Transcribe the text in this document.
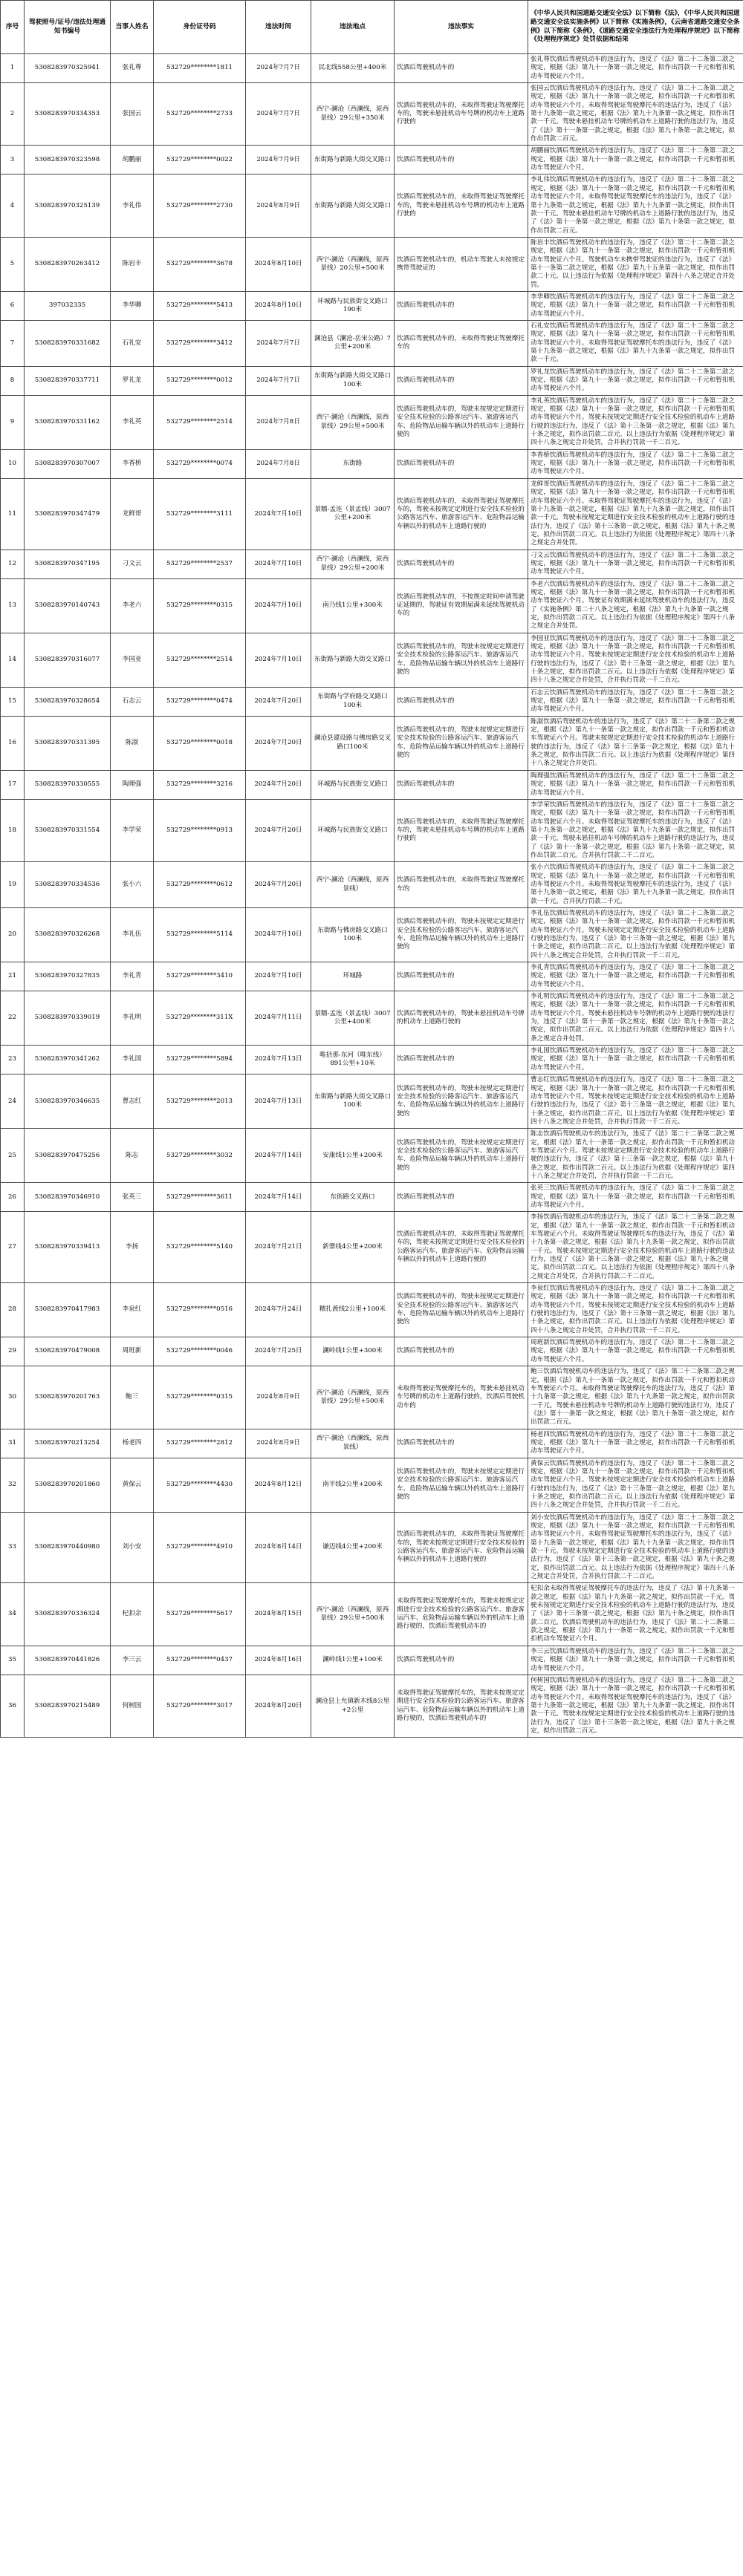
序号	驾驶照号/证号/违法处理通知书编号	当事人姓名	身份证号码	违法时间	违法地点	违法事实	《中华人民共和国道路交通安全法》以下简称《法》，《中华人民共和国道路交通安全法实施条例》以下简称《实施条例》，《云南省道路交通安全条例》以下简称《条例》，《道路交通安全违法行为处理程序规定》以下简称《处理程序规定》处罚依据和结果
1	5308283970325941	张礼尊	532729********1811	2024年7月7日	民北线558公里+400米	饮酒后驾驶机动车的	张礼尊饮酒后驾驶机动车的违法行为，违反了《法》第二十二条第二款之规定，根据《法》第九十一条第一款之规定，拟作出罚款一千元和暂扣机动车驾驶证六个月。
2	5308283970334353	张国云	532729********2733	2024年7月7日	西宁-澜沧（西澜线，原西景线）29公里+350米	饮酒后驾驶机动车的，未取得驾驶证驾驶摩托车的，驾驶未悬挂机动车号牌的机动车上道路行驶的	张国云饮酒后驾驶机动车的违法行为，违反了《法》第二十二条第二款之规定，根据《法》第九十一条第一款之规定，拟作出罚款一千元和暂扣机动车驾驶证六个月。未取得驾驶证驾驶摩托车的违法行为，违反了《法》第十九条第一款之规定，根据《法》第九十九条第一款之规定，拟作出罚款一千元。驾驶未悬挂机动车号牌的机动车上道路行驶的违法行为，违反了《法》第十一条第一款之规定，根据《法》第九十条第一款之规定，拟作出罚款二百元。
3	5308283970323598	胡鹏丽	532729********0022	2024年7月9日	东街路与新路大街交叉路口	饮酒后驾驶机动车的	胡鹏丽饮酒后驾驶机动车的违法行为，违反了《法》第二十二条第二款之规定，根据《法》第九十一条第一款之规定，拟作出罚款一千元和暂扣机动车驾驶证六个月。
4	5308283970325139	李礼伟	532729********2730	2024年8月9日	东街路与新路大街交叉路口	饮酒后驾驶机动车的，未取得驾驶证驾驶摩托车的，驾驶未悬挂机动车号牌的机动车上道路行驶的	李礼伟饮酒后驾驶机动车的违法行为，违反了《法》第二十二条第二款之规定，根据《法》第九十一条第一款之规定，拟作出罚款一千元和暂扣机动车驾驶证六个月。未取得驾驶证驾驶摩托车的违法行为，违反了《法》第十九条第一款之规定，根据《法》第九十九条第一款之规定，拟作出罚款一千元。驾驶未悬挂机动车号牌的机动车上道路行驶的违法行为，违反了《法》第十一条第一款之规定，根据《法》第九十条第一款之规定，拟作出罚款二百元。
5	5308283970263412	陈岩丰	532729********3678	2024年8月10日	西宁-澜沧（西澜线，原西景线）20公里+500米	饮酒后驾驶机动车的，机动车驾驶人未按规定携带驾驶证的	陈岩丰饮酒后驾驶机动车的违法行为，违反了《法》第二十二条第二款之规定，根据《法》第九十一条第一款之规定，拟作出罚款一千元和暂扣机动车驾驶证六个月。驾驶机动车未携带驾驶证的违法行为，违反了《法》第十一条第二款之规定，根据《法》第九十五条第一款之规定，拟作出罚款二十元。以上违法行为依据《处理程序规定》第四十八条之规定合并处罚。
6	397032335	李华卿	532729********5413	2024年8月10日	环城路与民族街交叉路口190米	饮酒后驾驶机动车的	李华卿饮酒后驾驶机动车的违法行为，违反了《法》第二十二条第二款之规定，根据《法》第九十一条第一款之规定，拟作出罚款一千元和暂扣机动车驾驶证六个月。
7	5308283970331682	石礼安	532729********3412	2024年7月7日	澜沧县（澜沧-岳宋公路）7公里+200米	饮酒后驾驶机动车的，未取得驾驶证驾驶摩托车的	石礼安饮酒后驾驶机动车的违法行为，违反了《法》第二十二条第二款之规定，根据《法》第九十一条第一款之规定，拟作出罚款一千元和暂扣机动车驾驶证六个月。未取得驾驶证驾驶摩托车的违法行为，违反了《法》第十九条第一款之规定，根据《法》第九十九条第一款之规定，拟作出罚款一千元。
8	5308283970337711	罗礼龙	532729********0012	2024年7月7日	东街路与新路大街交叉路口100米	饮酒后驾驶机动车的	罗礼龙饮酒后驾驶机动车的违法行为，违反了《法》第二十二条第二款之规定，根据《法》第九十一条第一款之规定，拟作出罚款一千元和暂扣机动车驾驶证六个月。
9	5308283970331162	李礼英	532729********2514	2024年7月8日	西宁-澜沧（西澜线，原西景线）29公里+500米	饮酒后驾驶机动车的，驾驶未按规定定期进行安全技术检验的公路客运汽车、旅游客运汽车、危险物品运输车辆以外的机动车上道路行驶的	李礼英饮酒后驾驶机动车的违法行为，违反了《法》第二十二条第二款之规定，根据《法》第九十一条第一款之规定，拟作出罚款一千元和暂扣机动车驾驶证六个月。驾驶未按规定定期进行安全技术检验的机动车上道路行驶的违法行为，违反了《法》第十三条第一款之规定，根据《法》第九十条之规定，拟作出罚款二百元。以上违法行为依据《处理程序规定》第四十八条之规定合并处罚，合并执行罚款一千二百元。
10	5308283970307007	李香桥	532729********0074	2024年7月8日	东街路	饮酒后驾驶机动车的	李香桥饮酒后驾驶机动车的违法行为，违反了《法》第二十二条第二款之规定，根据《法》第九十一条第一款之规定，拟作出罚款一千元和暂扣机动车驾驶证六个月。
11	5308283970347479	龙鲜哥	532729********3111	2024年7月10日	景糯-孟连（景孟线）3007公里+200米	饮酒后驾驶机动车的，未取得驾驶证驾驶摩托车的，驾驶未按规定定期进行安全技术检验的公路客运汽车、旅游客运汽车、危险物品运输车辆以外的机动车上道路行驶的	龙鲜哥饮酒后驾驶机动车的违法行为，违反了《法》第二十二条第二款之规定，根据《法》第九十一条第一款之规定，拟作出罚款一千元和暂扣机动车驾驶证六个月。未取得驾驶证驾驶摩托车的违法行为，违反了《法》第十九条第一款之规定，根据《法》第九十九条第一款之规定，拟作出罚款一千元。驾驶未按规定定期进行安全技术检验的机动车上道路行驶的违法行为，违反了《法》第十三条第一款之规定，根据《法》第九十条之规定，拟作出罚款二百元。以上违法行为依据《处理程序规定》第四十八条之规定合并处罚。
12	5308283970347195	刁文云	532729********2537	2024年7月10日	西宁-澜沧（西澜线，原西景线）29公里+200米	饮酒后驾驶机动车的	刁文云饮酒后驾驶机动车的违法行为，违反了《法》第二十二条第二款之规定，根据《法》第九十一条第一款之规定，拟作出罚款一千元和暂扣机动车驾驶证六个月。
13	5308283970140743	李老六	532729********0315	2024年7月10日	南乃线1公里+300米	饮酒后驾驶机动车的，不按规定时间申请驾驶证延期的，驾驶证有效期届满未延续驾驶机动车的	李老六饮酒后驾驶机动车的违法行为，违反了《法》第二十二条第二款之规定，根据《法》第九十一条第一款之规定，拟作出罚款一千元和暂扣机动车驾驶证六个月。驾驶证有效期满未延续驾驶机动车的违法行为，违反了《实施条例》第二十八条之规定，根据《法》第九十九条第一款之规定，拟作出罚款二百元。以上违法行为依据《处理程序规定》第四十八条之规定合并处罚。
14	5308283970316077	李国亚	532729********2514	2024年7月10日	东街路与新路大街交叉路口	饮酒后驾驶机动车的，驾驶未按规定定期进行安全技术检验的公路客运汽车、旅游客运汽车、危险物品运输车辆以外的机动车上道路行驶的	李国亚饮酒后驾驶机动车的违法行为，违反了《法》第二十二条第二款之规定，根据《法》第九十一条第一款之规定，拟作出罚款一千元和暂扣机动车驾驶证六个月。驾驶未按规定定期进行安全技术检验的机动车上道路行驶的违法行为，违反了《法》第十三条第一款之规定，根据《法》第九十条之规定，拟作出罚款二百元。以上违法行为依据《处理程序规定》第四十八条之规定合并处罚，合并执行罚款一千二百元。
15	5308283970328654	石志云	532729********0474	2024年7月20日	东街路与学府路交叉路口100米	饮酒后驾驶机动车的	石志云饮酒后驾驶机动车的违法行为，违反了《法》第二十二条第二款之规定，根据《法》第九十一条第一款之规定，拟作出罚款一千元和暂扣机动车驾驶证六个月。
16	5308283970331395	陈淑	532729********0018	2024年7月20日	澜沧县建设路与佛房路交叉路口100米	饮酒后驾驶机动车的，驾驶未按规定定期进行安全技术检验的公路客运汽车、旅游客运汽车、危险物品运输车辆以外的机动车上道路行驶的	陈淑饮酒后驾驶机动车的违法行为，违反了《法》第二十二条第二款之规定，根据《法》第九十一条第一款之规定，拟作出罚款一千元和暂扣机动车驾驶证六个月。驾驶未按规定定期进行安全技术检验的机动车上道路行驶的违法行为，违反了《法》第十三条第一款之规定，根据《法》第九十条之规定，拟作出罚款二百元。以上违法行为依据《处理程序规定》第四十八条之规定合并处罚。
17	5308283970330555	陶理强	532729********3216	2024年7月20日	环城路与民族街交叉路口	饮酒后驾驶机动车的	陶理强饮酒后驾驶机动车的违法行为，违反了《法》第二十二条第二款之规定，根据《法》第九十一条第一款之规定，拟作出罚款一千元和暂扣机动车驾驶证六个月。
18	5308283970331554	李学荣	532729********0913	2024年7月20日	环城路与民族街交叉路口	饮酒后驾驶机动车的，未取得驾驶证驾驶摩托车的，驾驶未悬挂机动车号牌的机动车上道路行驶的	李学荣饮酒后驾驶机动车的违法行为，违反了《法》第二十二条第二款之规定，根据《法》第九十一条第一款之规定，拟作出罚款一千元和暂扣机动车驾驶证六个月。未取得驾驶证驾驶摩托车的违法行为，违反了《法》第十九条第一款之规定，根据《法》第九十九条第一款之规定，拟作出罚款一千元。驾驶未悬挂机动车号牌的机动车上道路行驶的违法行为，违反了《法》第十一条第一款之规定，根据《法》第九十条第一款之规定，拟作出罚款二百元。合并执行罚款二千二百元。
19	5308283970334536	张小六	532729********0612	2024年7月20日	西宁-澜沧（西澜线，原西景线）	饮酒后驾驶机动车的，未取得驾驶证驾驶摩托车的	张小六饮酒后驾驶机动车的违法行为，违反了《法》第二十二条第二款之规定，根据《法》第九十一条第一款之规定，拟作出罚款一千元和暂扣机动车驾驶证六个月。未取得驾驶证驾驶摩托车的违法行为，违反了《法》第十九条第一款之规定，根据《法》第九十九条第一款之规定，拟作出罚款一千元。合并执行罚款二千元。
20	5308283970326268	李礼伍	532729********5114	2024年7月10日	东街路与佛房路交叉路口100米	饮酒后驾驶机动车的，驾驶未按规定定期进行安全技术检验的公路客运汽车、旅游客运汽车、危险物品运输车辆以外的机动车上道路行驶的	李礼伍饮酒后驾驶机动车的违法行为，违反了《法》第二十二条第二款之规定，根据《法》第九十一条第一款之规定，拟作出罚款一千元和暂扣机动车驾驶证六个月。驾驶未按规定定期进行安全技术检验的机动车上道路行驶的违法行为，违反了《法》第十三条第一款之规定，根据《法》第九十条之规定，拟作出罚款二百元。以上违法行为依据《处理程序规定》第四十八条之规定合并处罚，合并执行罚款一千二百元。
21	5308283970327835	李礼青	532729********3410	2024年7月10日	环城路	饮酒后驾驶机动车的	李礼青饮酒后驾驶机动车的违法行为，违反了《法》第二十二条第二款之规定，根据《法》第九十一条第一款之规定，拟作出罚款一千元和暂扣机动车驾驶证六个月。
22	5308283970339019	李礼明	532729********311X	2024年7月11日	景糯-孟连（景孟线）3007公里+400米	饮酒后驾驶机动车的，驾驶未悬挂机动车号牌的机动车上道路行驶的	李礼明饮酒后驾驶机动车的违法行为，违反了《法》第二十二条第二款之规定，根据《法》第九十一条第一款之规定，拟作出罚款一千元和暂扣机动车驾驶证六个月。驾驶未悬挂机动车号牌的机动车上道路行驶的违法行为，违反了《法》第十一条第一款之规定，根据《法》第九十条第一款之规定，拟作出罚款二百元。以上违法行为依据《处理程序规定》第四十八条之规定合并处罚。
23	5308283970341262	李礼国	532729********5894	2024年7月13日	唯括那-东河（唯东线）891公里+10米	饮酒后驾驶机动车的	李礼国饮酒后驾驶机动车的违法行为，违反了《法》第二十二条第二款之规定，根据《法》第九十一条第一款之规定，拟作出罚款一千元和暂扣机动车驾驶证六个月。
24	5308283970346635	曹志红	532729********2013	2024年7月13日	东街路与新路大街交叉路口100米	饮酒后驾驶机动车的，驾驶未按规定定期进行安全技术检验的公路客运汽车、旅游客运汽车、危险物品运输车辆以外的机动车上道路行驶的	曹志红饮酒后驾驶机动车的违法行为，违反了《法》第二十二条第二款之规定，根据《法》第九十一条第一款之规定，拟作出罚款一千元和暂扣机动车驾驶证六个月。驾驶未按规定定期进行安全技术检验的机动车上道路行驶的违法行为，违反了《法》第十三条第一款之规定，根据《法》第九十条之规定，拟作出罚款二百元。以上违法行为依据《处理程序规定》第四十八条之规定合并处罚，合并执行罚款一千二百元。
25	5308283970475256	陈志	532729********3032	2024年7月14日	安康线1公里+200米	饮酒后驾驶机动车的，驾驶未按规定定期进行安全技术检验的公路客运汽车、旅游客运汽车、危险物品运输车辆以外的机动车上道路行驶的	陈志饮酒后驾驶机动车的违法行为，违反了《法》第二十二条第二款之规定，根据《法》第九十一条第一款之规定，拟作出罚款一千元和暂扣机动车驾驶证六个月。驾驶未按规定定期进行安全技术检验的机动车上道路行驶的违法行为，违反了《法》第十三条第一款之规定，根据《法》第九十条之规定，拟作出罚款二百元。以上违法行为依据《处理程序规定》第四十八条之规定合并处罚，合并执行罚款一千二百元。
26	5308283970346910	张英三	532729********3611	2024年7月14日	东街路交叉路口	饮酒后驾驶机动车的	张英三饮酒后驾驶机动车的违法行为，违反了《法》第二十二条第二款之规定，根据《法》第九十一条第一款之规定，拟作出罚款一千元和暂扣机动车驾驶证六个月。
27	5308283970339413	李扬	532729********5140	2024年7月21日	新寨线4公里+200米	饮酒后驾驶机动车的，未取得驾驶证驾驶摩托车的，驾驶未按规定定期进行安全技术检验的公路客运汽车、旅游客运汽车、危险物品运输车辆以外的机动车上道路行驶的	李扬饮酒后驾驶机动车的违法行为，违反了《法》第二十二条第二款之规定，根据《法》第九十一条第一款之规定，拟作出罚款一千元和暂扣机动车驾驶证六个月。未取得驾驶证驾驶摩托车的违法行为，违反了《法》第十九条第一款之规定，根据《法》第九十九条第一款之规定，拟作出罚款一千元。驾驶未按规定定期进行安全技术检验的机动车上道路行驶的违法行为，违反了《法》第十三条第一款之规定，根据《法》第九十条之规定，拟作出罚款二百元。以上违法行为依据《处理程序规定》第四十八条之规定合并处罚，合并执行罚款二千二百元。
28	5308283970417983	李泉红	532729********0516	2024年7月24日	糯扎渡线2公里+100米	饮酒后驾驶机动车的，驾驶未按规定定期进行安全技术检验的公路客运汽车、旅游客运汽车、危险物品运输车辆以外的机动车上道路行驶的	李泉红饮酒后驾驶机动车的违法行为，违反了《法》第二十二条第二款之规定，根据《法》第九十一条第一款之规定，拟作出罚款一千元和暂扣机动车驾驶证六个月。驾驶未按规定定期进行安全技术检验的机动车上道路行驶的违法行为，违反了《法》第十三条第一款之规定，根据《法》第九十条之规定，拟作出罚款二百元。以上违法行为依据《处理程序规定》第四十八条之规定合并处罚，合并执行罚款一千二百元。
29	5308283970479008	周班新	532729********0046	2024年7月25日	澜岭线1公里+300米	饮酒后驾驶机动车的	周班新饮酒后驾驶机动车的违法行为，违反了《法》第二十二条第二款之规定，根据《法》第九十一条第一款之规定，拟作出罚款一千元和暂扣机动车驾驶证六个月。
30	5308283970201763	鲍三	532729********0315	2024年8月9日	西宁-澜沧（西澜线，原西景线）29公里+500米	未取得驾驶证驾驶摩托车的，驾驶未悬挂机动车号牌的机动车上道路行驶的，饮酒后驾驶机动车的	鲍三饮酒后驾驶机动车的违法行为，违反了《法》第二十二条第二款之规定，根据《法》第九十一条第一款之规定，拟作出罚款一千元和暂扣机动车驾驶证六个月。未取得驾驶证驾驶摩托车的违法行为，违反了《法》第十九条第一款之规定，根据《法》第九十九条第一款之规定，拟作出罚款一千元。驾驶未悬挂机动车号牌的机动车上道路行驶的违法行为，违反了《法》第十一条第一款之规定，根据《法》第九十条第一款之规定，拟作出罚款二百元。
31	5308283970213254	杨老四	532729********2812	2024年8月9日	西宁-澜沧（西澜线，原西景线）	饮酒后驾驶机动车的	杨老四饮酒后驾驶机动车的违法行为，违反了《法》第二十二条第二款之规定，根据《法》第九十一条第一款之规定，拟作出罚款一千元和暂扣机动车驾驶证六个月。
32	5308283970201860	黄保云	532729********4430	2024年8月12日	南平线2公里+200米	饮酒后驾驶机动车的，驾驶未按规定定期进行安全技术检验的公路客运汽车、旅游客运汽车、危险物品运输车辆以外的机动车上道路行驶的	黄保云饮酒后驾驶机动车的违法行为，违反了《法》第二十二条第二款之规定，根据《法》第九十一条第一款之规定，拟作出罚款一千元和暂扣机动车驾驶证六个月。驾驶未按规定定期进行安全技术检验的机动车上道路行驶的违法行为，违反了《法》第十三条第一款之规定，根据《法》第九十条之规定，拟作出罚款二百元。以上违法行为依据《处理程序规定》第四十八条之规定合并处罚，合并执行罚款一千二百元。
33	5308283970440980	刘小安	532729********4910	2024年8月14日	谦迈线4公里+200米	饮酒后驾驶机动车的，未取得驾驶证驾驶摩托车的，驾驶未按规定定期进行安全技术检验的公路客运汽车、旅游客运汽车、危险物品运输车辆以外的机动车上道路行驶的	刘小安饮酒后驾驶机动车的违法行为，违反了《法》第二十二条第二款之规定，根据《法》第九十一条第一款之规定，拟作出罚款一千元和暂扣机动车驾驶证六个月。未取得驾驶证驾驶摩托车的违法行为，违反了《法》第十九条第一款之规定，根据《法》第九十九条第一款之规定，拟作出罚款一千元。驾驶未按规定定期进行安全技术检验的机动车上道路行驶的违法行为，违反了《法》第十三条第一款之规定，根据《法》第九十条之规定，拟作出罚款二百元。以上违法行为依据《处理程序规定》第四十八条之规定合并处罚，合并执行罚款二千二百元。
34	5308283970336324	杞扣余	532729********5617	2024年8月15日	西宁-澜沧（西澜线，原西景线）29公里+500米	未取得驾驶证驾驶摩托车的，驾驶未按规定定期进行安全技术检验的公路客运汽车、旅游客运汽车、危险物品运输车辆以外的机动车上道路行驶的，饮酒后驾驶机动车的	杞扣余未取得驾驶证驾驶摩托车的违法行为，违反了《法》第十九条第一款之规定，根据《法》第九十九条第一款之规定，拟作出罚款一千元。驾驶未按规定定期进行安全技术检验的机动车上道路行驶的违法行为，违反了《法》第十三条第一款之规定，根据《法》第九十条之规定，拟作出罚款二百元。饮酒后驾驶机动车的违法行为，违反了《法》第二十二条第二款之规定，根据《法》第九十一条第一款之规定，拟作出罚款一千元和暂扣机动车驾驶证六个月。
35	5308283970441826	李三云	532729********0437	2024年8月16日	澜岭线1公里+100米	饮酒后驾驶机动车的	李三云饮酒后驾驶机动车的违法行为，违反了《法》第二十二条第二款之规定，根据《法》第九十一条第一款之规定，拟作出罚款一千元和暂扣机动车驾驶证六个月。
36	5308283970215489	何树国	532729********3017	2024年8月20日	澜沧县上允镇新木线8公里+2公里	未取得驾驶证驾驶摩托车的，驾驶未按规定定期进行安全技术检验的公路客运汽车、旅游客运汽车、危险物品运输车辆以外的机动车上道路行驶的，饮酒后驾驶机动车的	何树国饮酒后驾驶机动车的违法行为，违反了《法》第二十二条第二款之规定，根据《法》第九十一条第一款之规定，拟作出罚款一千元和暂扣机动车驾驶证六个月。未取得驾驶证驾驶摩托车的违法行为，违反了《法》第十九条第一款之规定，根据《法》第九十九条第一款之规定，拟作出罚款一千元。驾驶未按规定定期进行安全技术检验的机动车上道路行驶的违法行为，违反了《法》第十三条第一款之规定，根据《法》第九十条之规定，拟作出罚款二百元。
